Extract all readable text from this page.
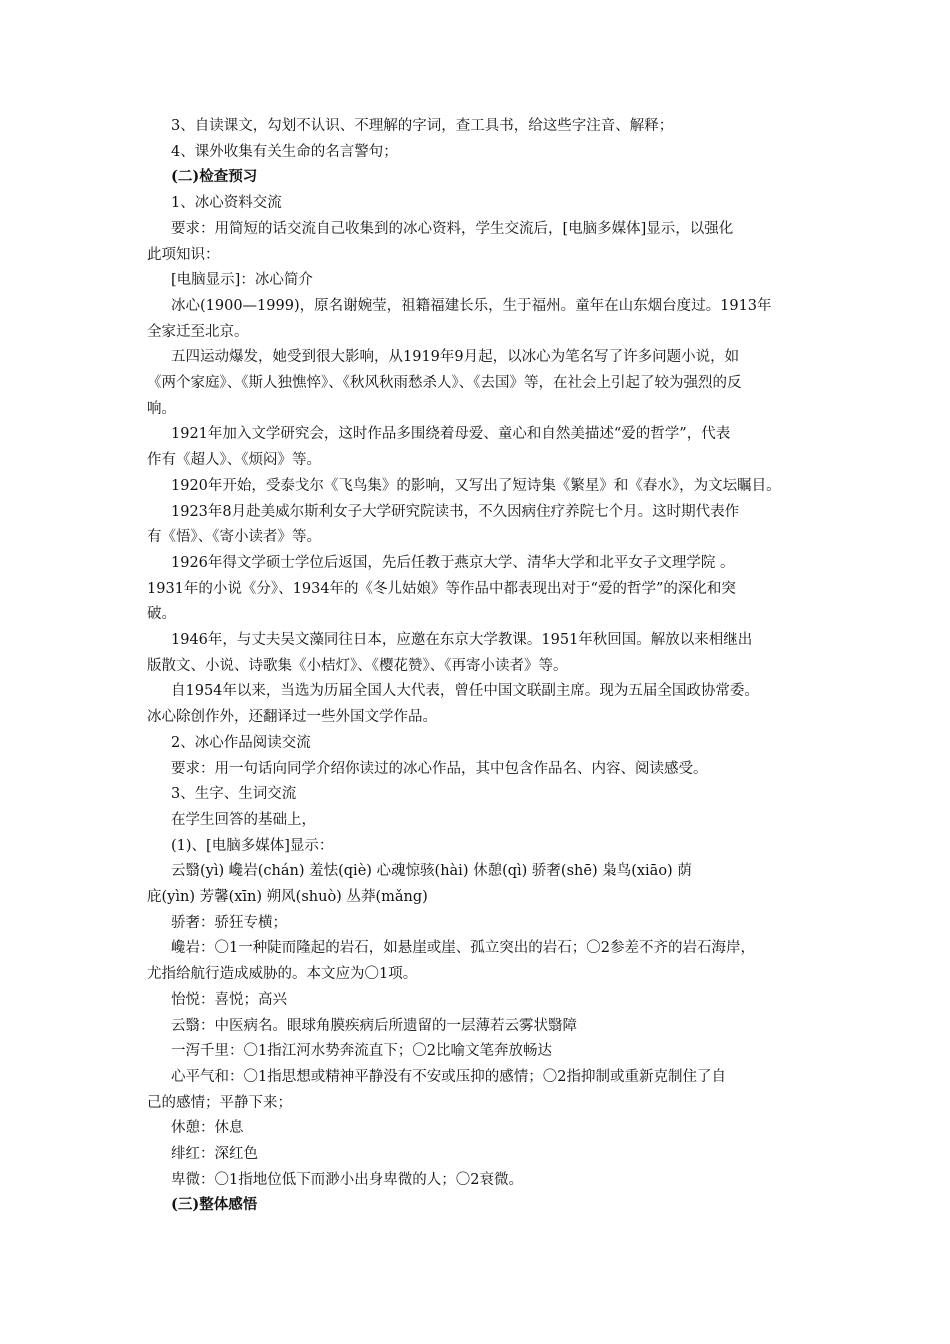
3、自读课文，勾划不认识、不理解的字词，查工具书，给这些字注音、解释；
4、课外收集有关生命的名言警句；
(二)检查预习
1、冰心资料交流
要求：用简短的话交流自己收集到的冰心资料，学生交流后，[电脑多媒体]显示，以强化
此项知识：
[电脑显示]：冰心简介
冰心(1900—1999)，原名谢婉莹，祖籍福建长乐，生于福州。童年在山东烟台度过。1913年
全家迁至北京。
五四运动爆发，她受到很大影响，从1919年9月起，以冰心为笔名写了许多问题小说，如
《两个家庭》、《斯人独憔悴》、《秋风秋雨愁杀人》、《去国》等，在社会上引起了较为强烈的反
响。
1921年加入文学研究会，这时作品多围绕着母爱、童心和自然美描述“爱的哲学”，代表
作有《超人》、《烦闷》等。
1920年开始，受泰戈尔《飞鸟集》的影响，又写出了短诗集《繁星》和《春水》，为文坛瞩目。
1923年8月赴美威尔斯利女子大学研究院读书，不久因病住疗养院七个月。这时期代表作
有《悟》、《寄小读者》等。
1926年得文学硕士学位后返国，先后任教于燕京大学、清华大学和北平女子文理学院 。
1931年的小说《分》、1934年的《冬儿姑娘》等作品中都表现出对于“爱的哲学”的深化和突
破。
1946年，与丈夫吴文藻同往日本，应邀在东京大学教课。1951年秋回国。解放以来相继出
版散文、小说、诗歌集《小桔灯》、《樱花赞》、《再寄小读者》等。
自1954年以来，当选为历届全国人大代表，曾任中国文联副主席。现为五届全国政协常委。
冰心除创作外，还翻译过一些外国文学作品。
2、冰心作品阅读交流
要求：用一句话向同学介绍你读过的冰心作品，其中包含作品名、内容、阅读感受。
3、生字、生词交流
在学生回答的基础上，
(1)、[电脑多媒体]显示：
云翳(yì) 巉岩(chán) 羞怯(qiè) 心魂惊骇(hài) 休憩(qì) 骄奢(shē) 枭鸟(xiāo) 荫
庇(yìn) 芳馨(xīn) 朔风(shuò) 丛莽(mǎng)
骄奢：骄狂专横；
巉岩：〇1一种陡而隆起的岩石，如悬崖或崖、孤立突出的岩石；〇2参差不齐的岩石海岸，
尤指给航行造成威胁的。本文应为〇1项。
怡悦：喜悦；高兴
云翳：中医病名。眼球角膜疾病后所遗留的一层薄若云雾状翳障
一泻千里：〇1指江河水势奔流直下；〇2比喻文笔奔放畅达
心平气和：〇1指思想或精神平静没有不安或压抑的感情；〇2指抑制或重新克制住了自
己的感情；平静下来；
休憩：休息
绯红：深红色
卑微：〇1指地位低下而渺小出身卑微的人；〇2衰微。
(三)整体感悟
